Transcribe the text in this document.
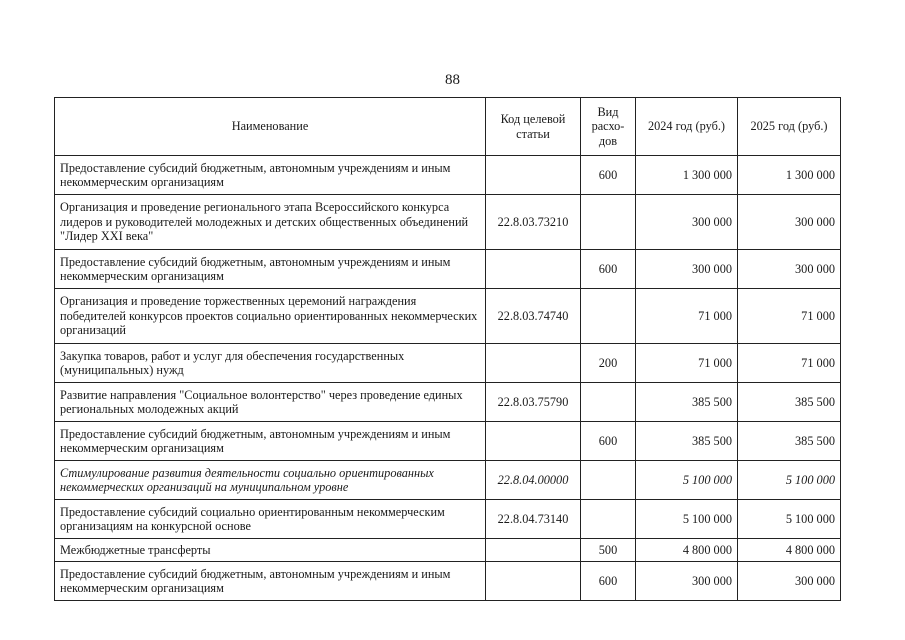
88
Наименование	Код целевой статьи	Вид расхо-дов	2024 год (руб.)	2025 год (руб.)
Предоставление субсидий бюджетным, автономным учреждениям и иным некоммерческим организациям		600	1 300 000	1 300 000
Организация и проведение регионального этапа Всероссийского конкурса лидеров и руководителей молодежных и детских общественных объединений "Лидер XXI века"	22.8.03.73210		300 000	300 000
Предоставление субсидий бюджетным, автономным учреждениям и иным некоммерческим организациям		600	300 000	300 000
Организация и проведение торжественных церемоний награждения победителей конкурсов проектов социально ориентированных некоммерческих организаций	22.8.03.74740		71 000	71 000
Закупка товаров, работ и услуг для обеспечения государственных (муниципальных) нужд		200	71 000	71 000
Развитие направления "Социальное волонтерство" через проведение единых региональных молодежных акций	22.8.03.75790		385 500	385 500
Предоставление субсидий бюджетным, автономным учреждениям и иным некоммерческим организациям		600	385 500	385 500
Стимулирование развития деятельности социально ориентированных некоммерческих организаций на муниципальном уровне	22.8.04.00000		5 100 000	5 100 000
Предоставление субсидий социально ориентированным некоммерческим организациям на конкурсной основе	22.8.04.73140		5 100 000	5 100 000
Межбюджетные трансферты		500	4 800 000	4 800 000
Предоставление субсидий бюджетным, автономным учреждениям и иным некоммерческим организациям		600	300 000	300 000
